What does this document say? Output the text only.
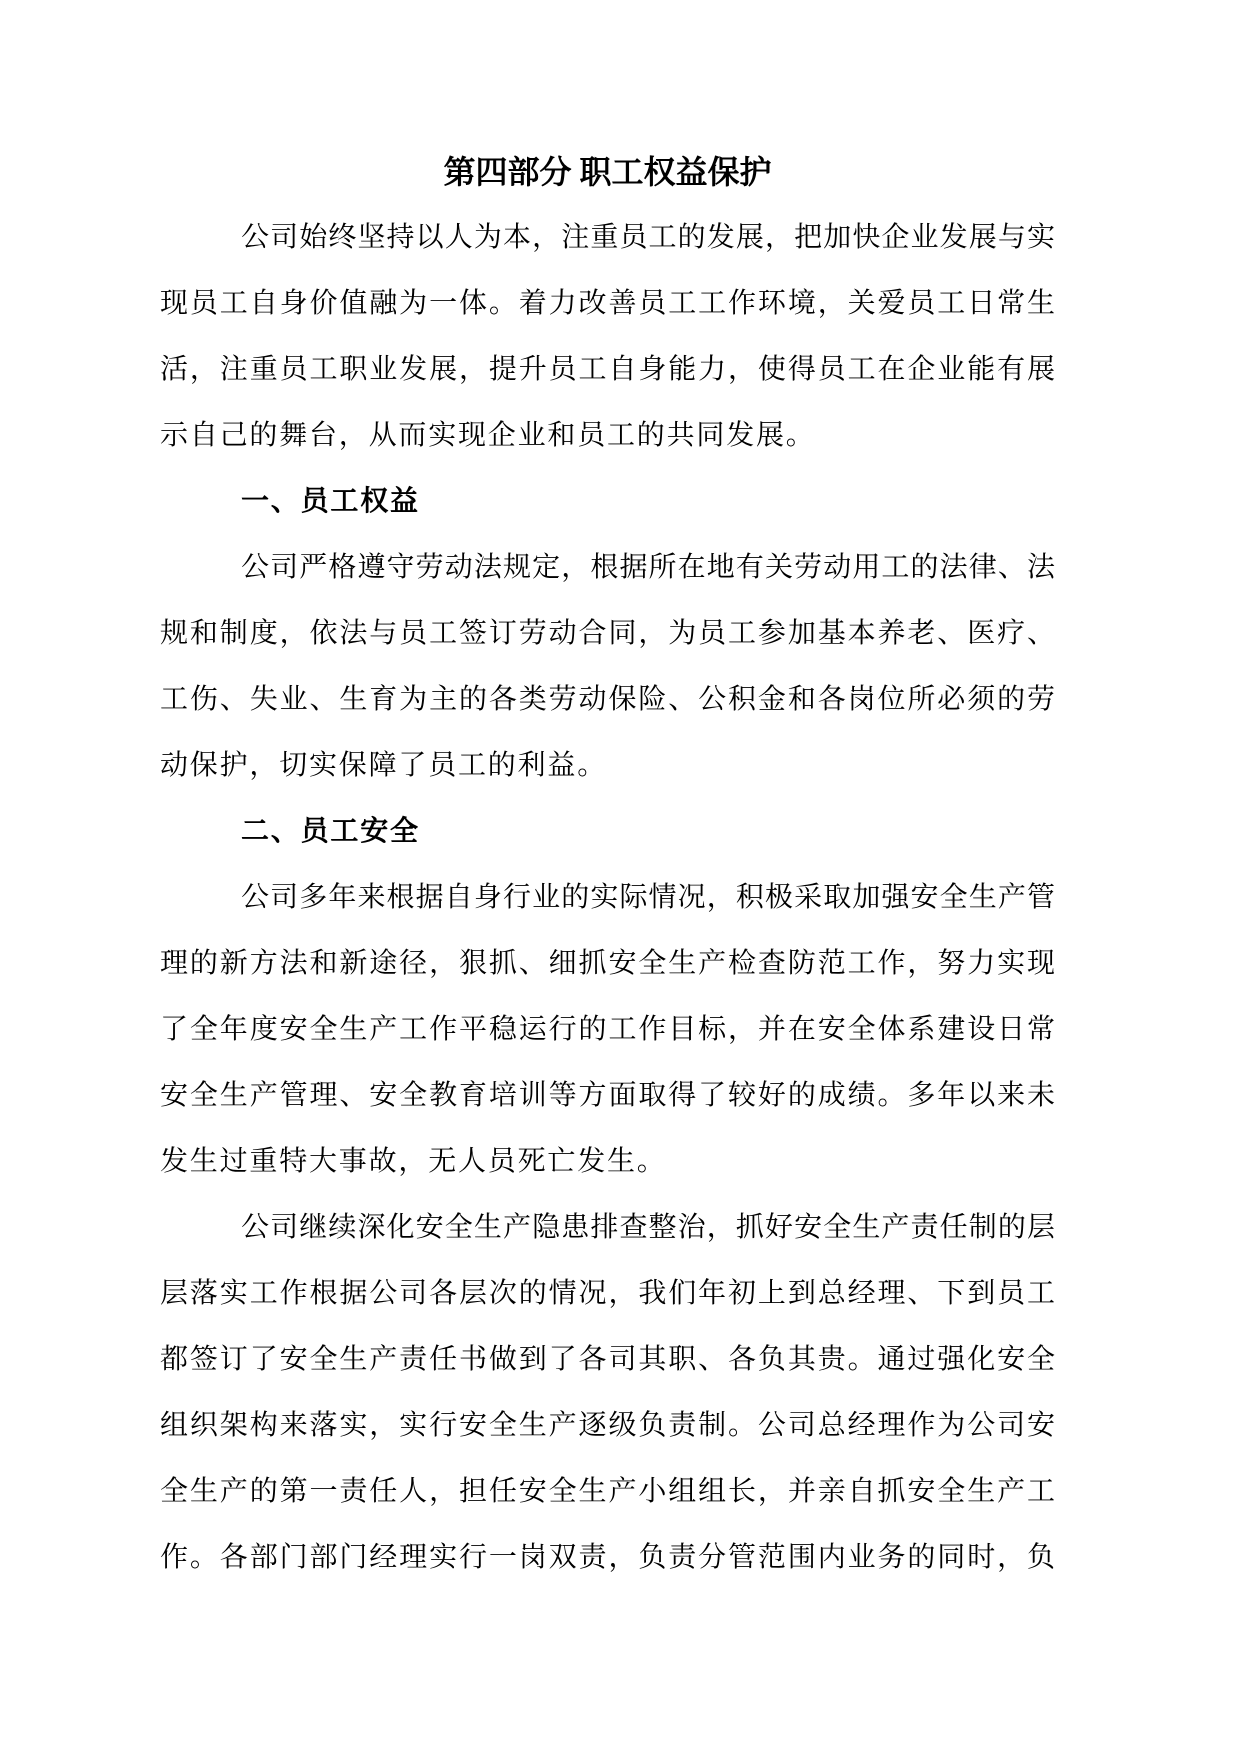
第四部分 职工权益保护
公司始终坚持以人为本，注重员工的发展，把加快企业发展与实
现员工自身价值融为一体。着力改善员工工作环境，关爱员工日常生
活，注重员工职业发展，提升员工自身能力，使得员工在企业能有展
示自己的舞台，从而实现企业和员工的共同发展。
一、员工权益
公司严格遵守劳动法规定，根据所在地有关劳动用工的法律、法
规和制度，依法与员工签订劳动合同，为员工参加基本养老、医疗、
工伤、失业、生育为主的各类劳动保险、公积金和各岗位所必须的劳
动保护，切实保障了员工的利益。
二、员工安全
公司多年来根据自身行业的实际情况，积极采取加强安全生产管
理的新方法和新途径，狠抓、细抓安全生产检查防范工作，努力实现
了全年度安全生产工作平稳运行的工作目标，并在安全体系建设日常
安全生产管理、安全教育培训等方面取得了较好的成绩。多年以来未
发生过重特大事故，无人员死亡发生。
公司继续深化安全生产隐患排查整治，抓好安全生产责任制的层
层落实工作根据公司各层次的情况，我们年初上到总经理、下到员工
都签订了安全生产责任书做到了各司其职、各负其贵。通过强化安全
组织架构来落实，实行安全生产逐级负责制。公司总经理作为公司安
全生产的第一责任人，担任安全生产小组组长，并亲自抓安全生产工
作。各部门部门经理实行一岗双责，负责分管范围内业务的同时，负
